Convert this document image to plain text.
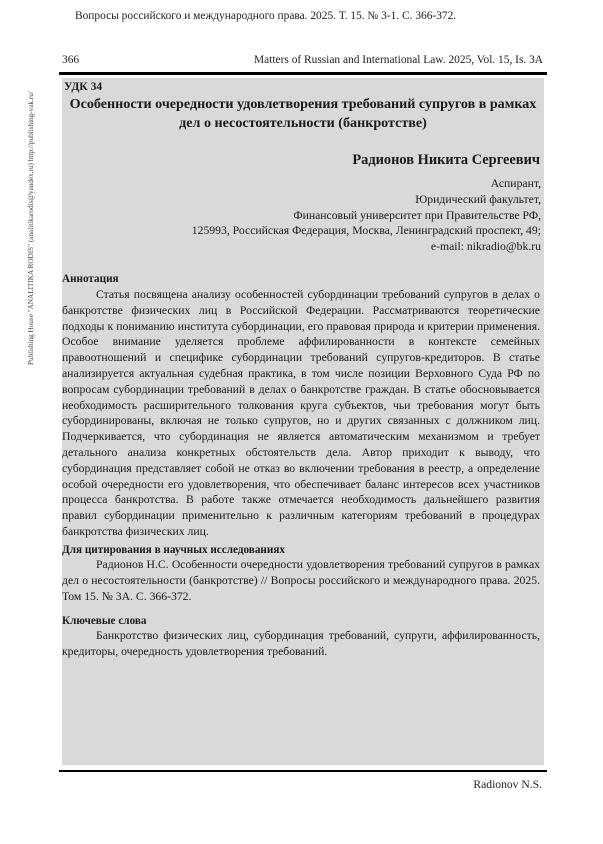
Вопросы российского и международного права. 2025. Т. 15. № 3-1. С. 366-372.
366	Matters of Russian and International Law. 2025, Vol. 15, Is. 3A
Publishing House "ANALITIKA RODIS" (analitikarodis@yandex.ru) http://publishing-vak.ru/
УДК 34
Особенности очередности удовлетворения требований супругов в рамках дел о несостоятельности (банкротстве)
Радионов Никита Сергеевич
Аспирант,
Юридический факультет,
Финансовый университет при Правительстве РФ,
125993, Российская Федерация, Москва, Ленинградский проспект, 49;
e-mail: nikradio@bk.ru
Аннотация
Статья посвящена анализу особенностей субординации требований супругов в делах о банкротстве физических лиц в Российской Федерации. Рассматриваются теоретические подходы к пониманию института субординации, его правовая природа и критерии применения. Особое внимание уделяется проблеме аффилированности в контексте семейных правоотношений и специфике субординации требований супругов-кредиторов. В статье анализируется актуальная судебная практика, в том числе позиции Верховного Суда РФ по вопросам субординации требований в делах о банкротстве граждан. В статье обосновывается необходимость расширительного толкования круга субъектов, чьи требования могут быть субординированы, включая не только супругов, но и других связанных с должником лиц. Подчеркивается, что субординация не является автоматическим механизмом и требует детального анализа конкретных обстоятельств дела. Автор приходит к выводу, что субординация представляет собой не отказ во включении требования в реестр, а определение особой очередности его удовлетворения, что обеспечивает баланс интересов всех участников процесса банкротства. В работе также отмечается необходимость дальнейшего развития правил субординации применительно к различным категориям требований в процедурах банкротства физических лиц.
Для цитирования в научных исследованиях
Радионов Н.С. Особенности очередности удовлетворения требований супругов в рамках дел о несостоятельности (банкротстве) // Вопросы российского и международного права. 2025. Том 15. № 3А. С. 366-372.
Ключевые слова
Банкротство физических лиц, субординация требований, супруги, аффилированность, кредиторы, очередность удовлетворения требований.
Radionov N.S.
